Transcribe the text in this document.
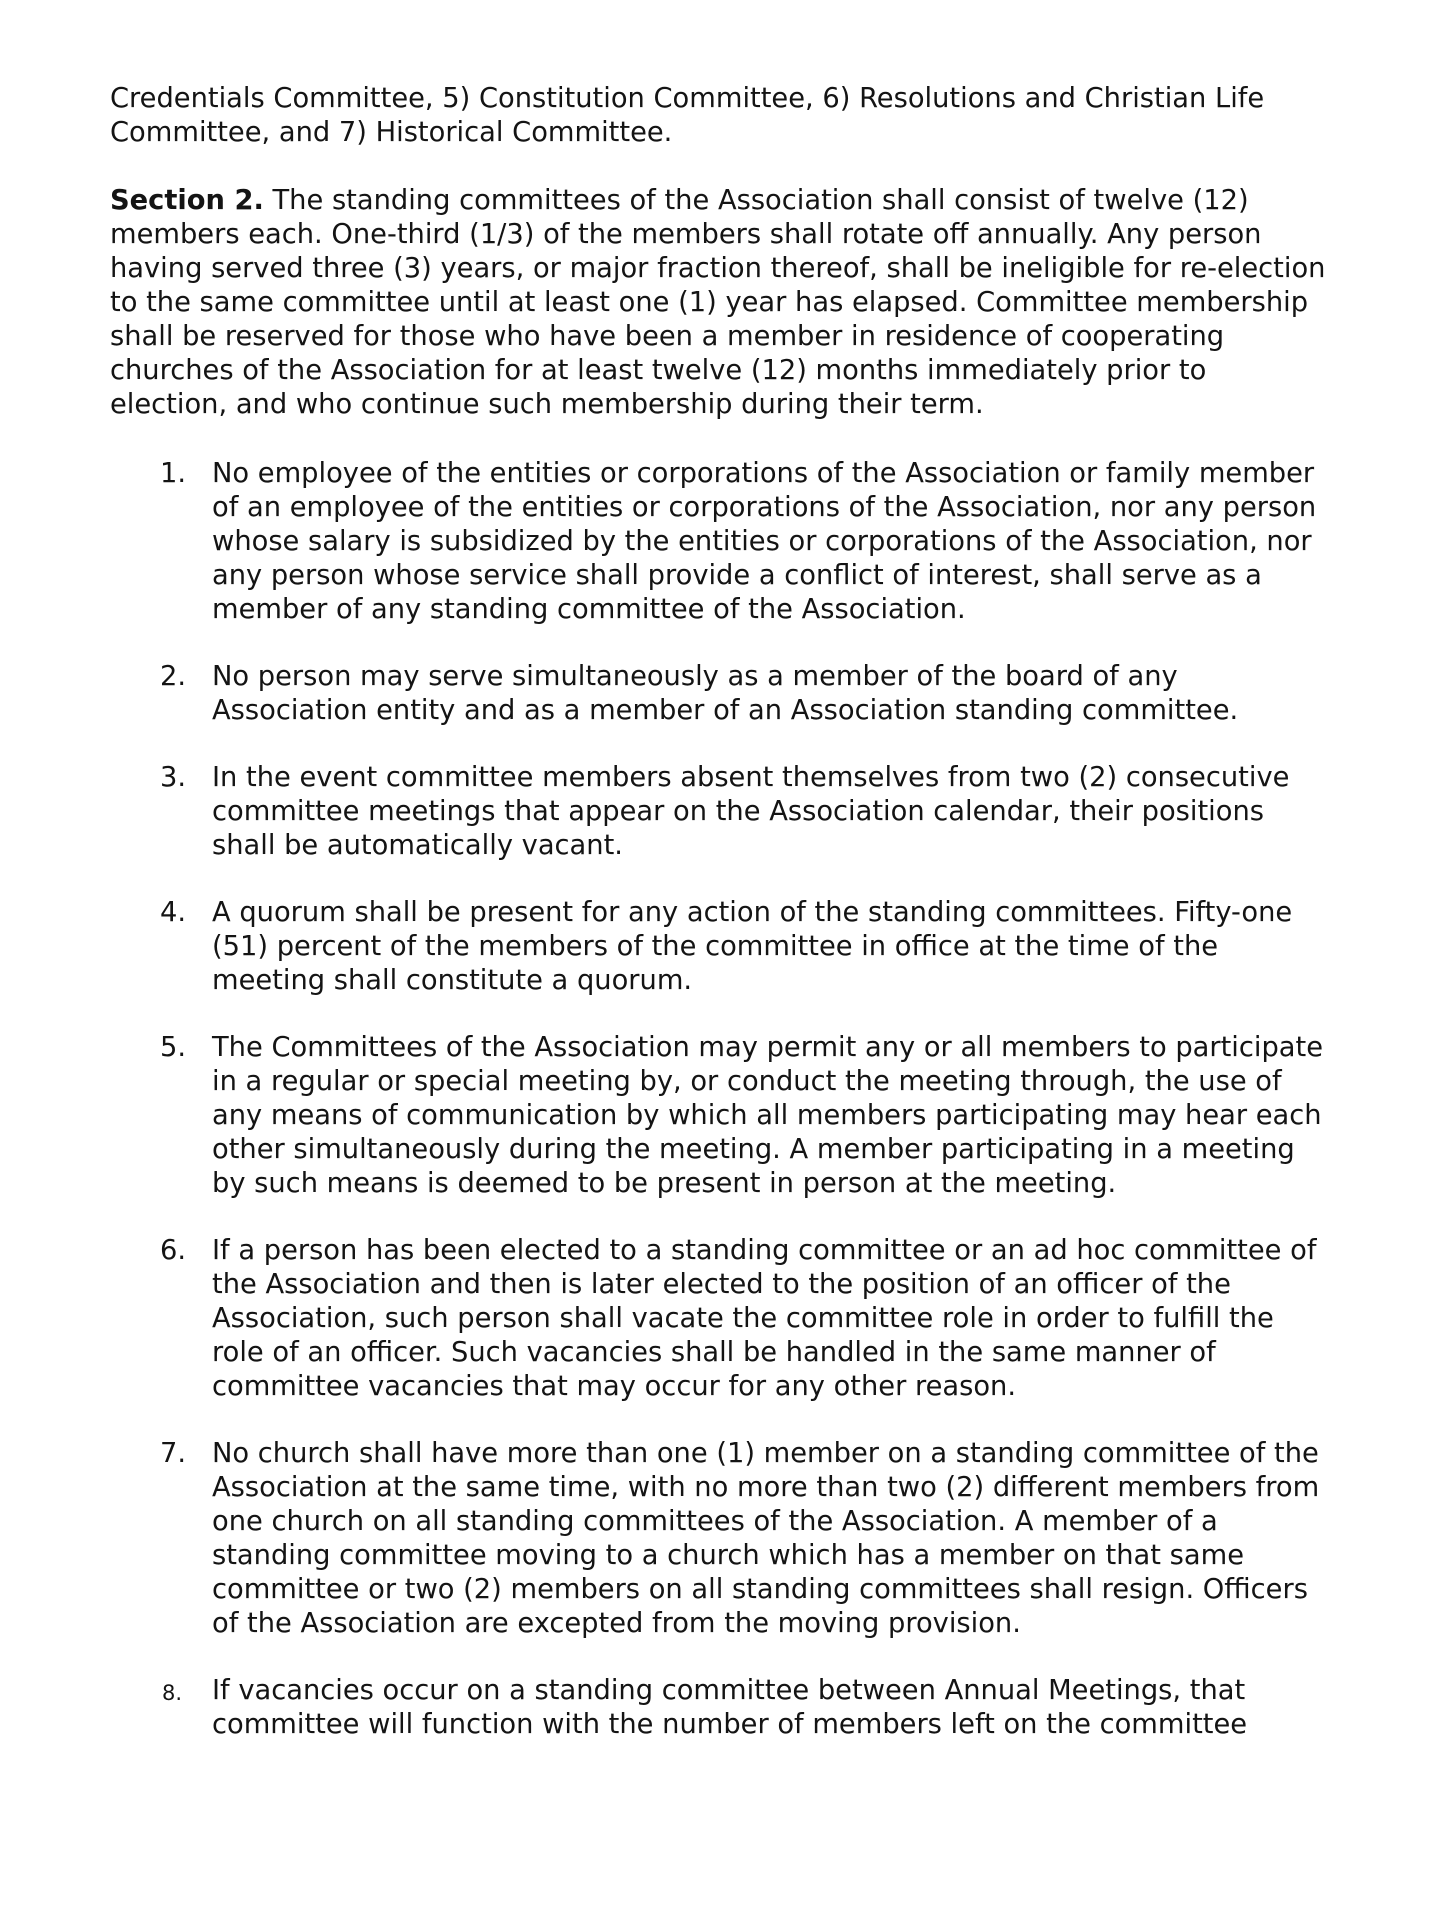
Credentials Committee, 5) Constitution Committee, 6) Resolutions and Christian Life Committee, and 7) Historical Committee.

Section 2. The standing committees of the Association shall consist of twelve (12) members each. One-third (1/3) of the members shall rotate off annually. Any person having served three (3) years, or major fraction thereof, shall be ineligible for re-election to the same committee until at least one (1) year has elapsed. Committee membership shall be reserved for those who have been a member in residence of cooperating churches of the Association for at least twelve (12) months immediately prior to election, and who continue such membership during their term.

1. No employee of the entities or corporations of the Association or family member of an employee of the entities or corporations of the Association, nor any person whose salary is subsidized by the entities or corporations of the Association, nor any person whose service shall provide a conflict of interest, shall serve as a member of any standing committee of the Association.
2. No person may serve simultaneously as a member of the board of any Association entity and as a member of an Association standing committee.
3. In the event committee members absent themselves from two (2) consecutive committee meetings that appear on the Association calendar, their positions shall be automatically vacant.
4. A quorum shall be present for any action of the standing committees. Fifty-one (51) percent of the members of the committee in office at the time of the meeting shall constitute a quorum.
5. The Committees of the Association may permit any or all members to participate in a regular or special meeting by, or conduct the meeting through, the use of any means of communication by which all members participating may hear each other simultaneously during the meeting. A member participating in a meeting by such means is deemed to be present in person at the meeting.
6. If a person has been elected to a standing committee or an ad hoc committee of the Association and then is later elected to the position of an officer of the Association, such person shall vacate the committee role in order to fulfill the role of an officer. Such vacancies shall be handled in the same manner of committee vacancies that may occur for any other reason.
7. No church shall have more than one (1) member on a standing committee of the Association at the same time, with no more than two (2) different members from one church on all standing committees of the Association. A member of a standing committee moving to a church which has a member on that same committee or two (2) members on all standing committees shall resign. Officers of the Association are excepted from the moving provision.
8. If vacancies occur on a standing committee between Annual Meetings, that committee will function with the number of members left on the committee
